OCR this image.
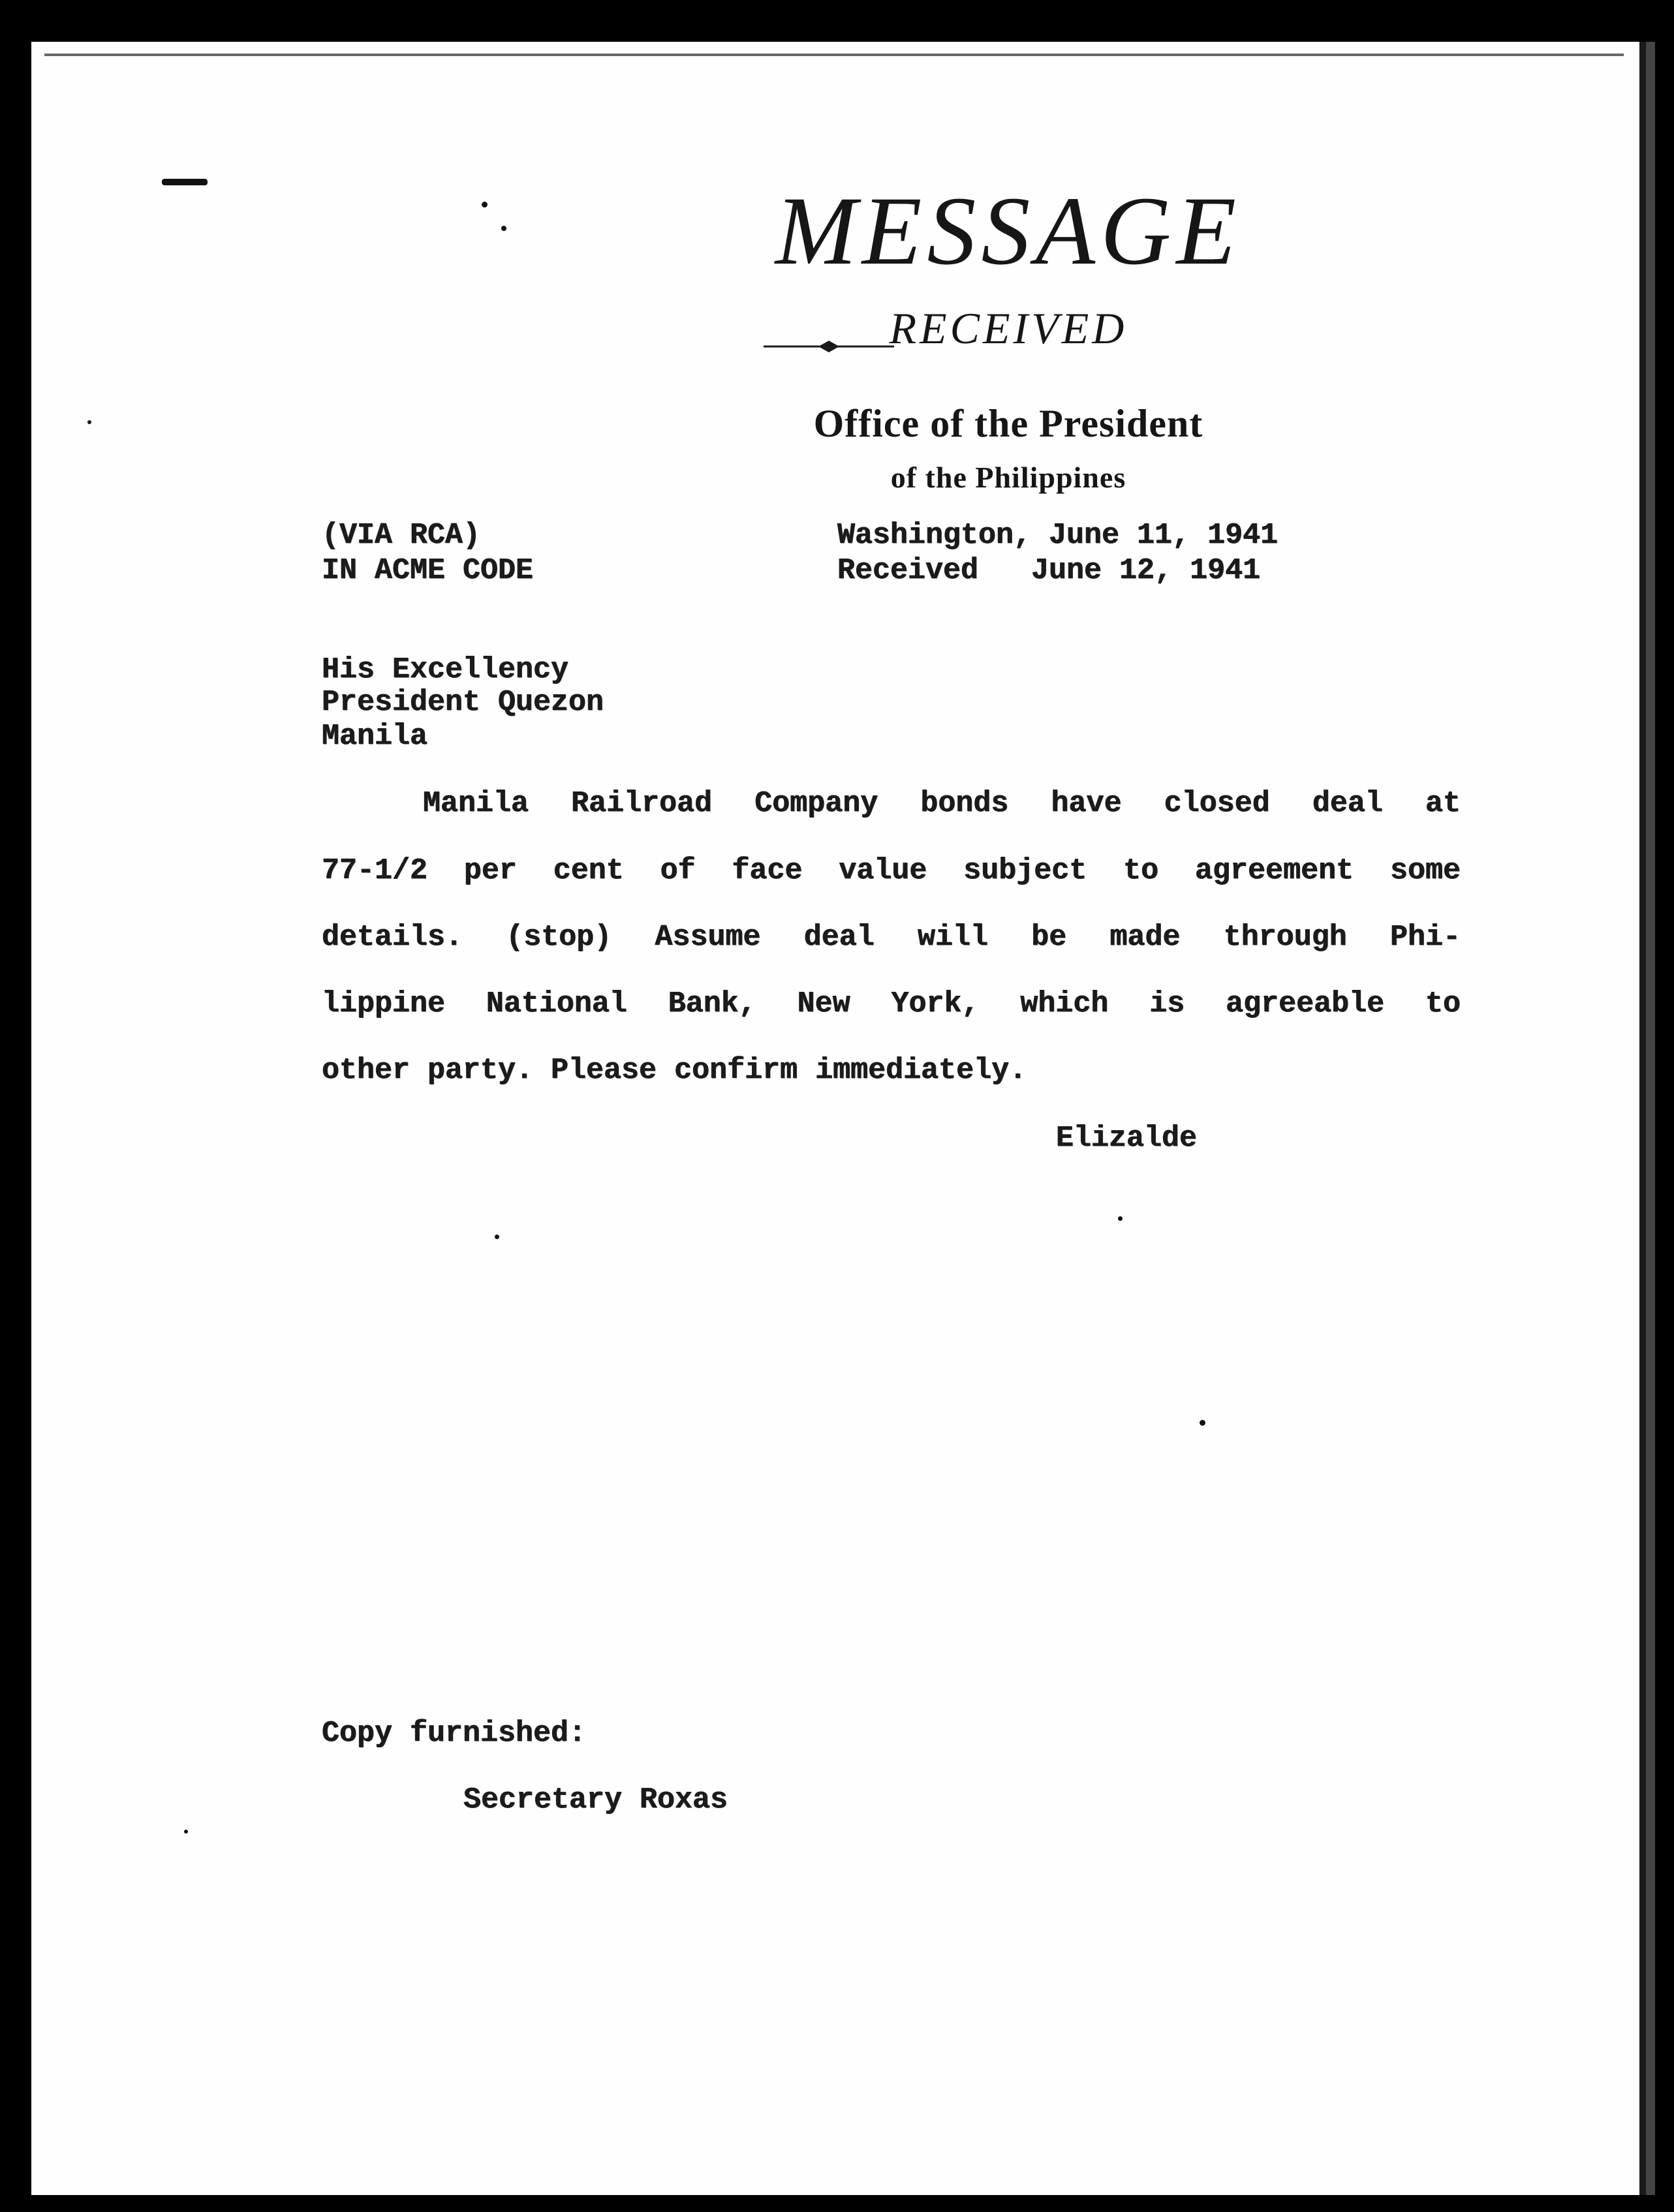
MESSAGE
RECEIVED
Office of the President
of the Philippines
(VIA RCA)
IN ACME CODE
Washington, June 11, 1941
Received   June 12, 1941
His Excellency
President Quezon
Manila
Manila Railroad Company bonds have closed deal at
77-1/2 per cent of face value subject to agreement some
details. (stop) Assume deal will be made through Phi-
lippine National Bank, New York, which is agreeable to
other party. Please confirm immediately.
Elizalde
Copy furnished:
Secretary Roxas
